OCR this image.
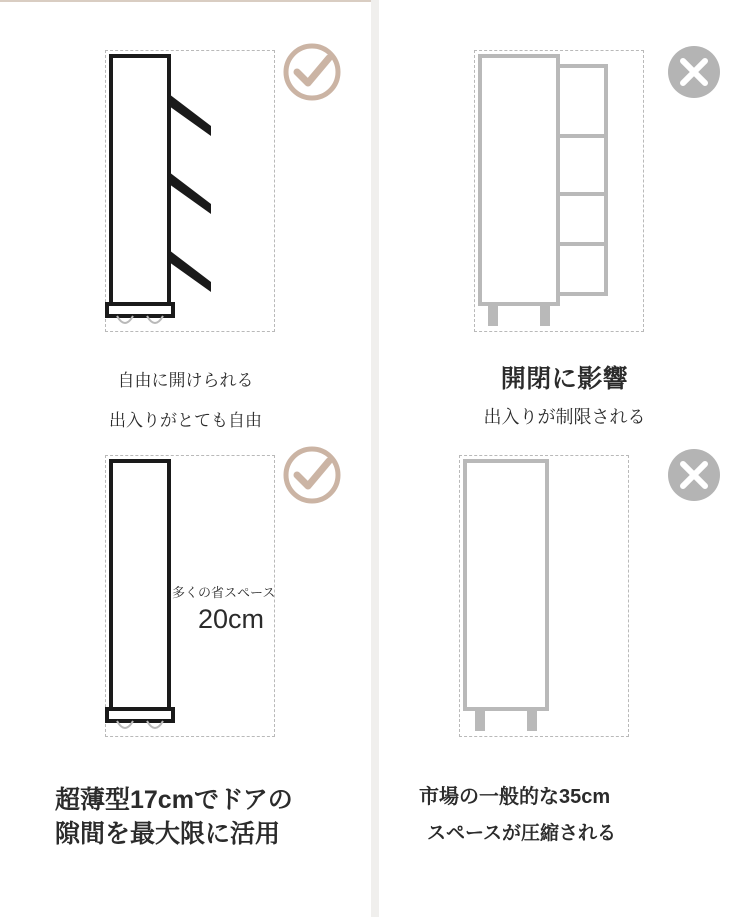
自由に開けられる
出入りがとても自由
多くの省スペース
20cm
超薄型17cmでドアの
隙間を最大限に活用
開閉に影響
出入りが制限される
市場の一般的な35cm
スペースが圧縮される
